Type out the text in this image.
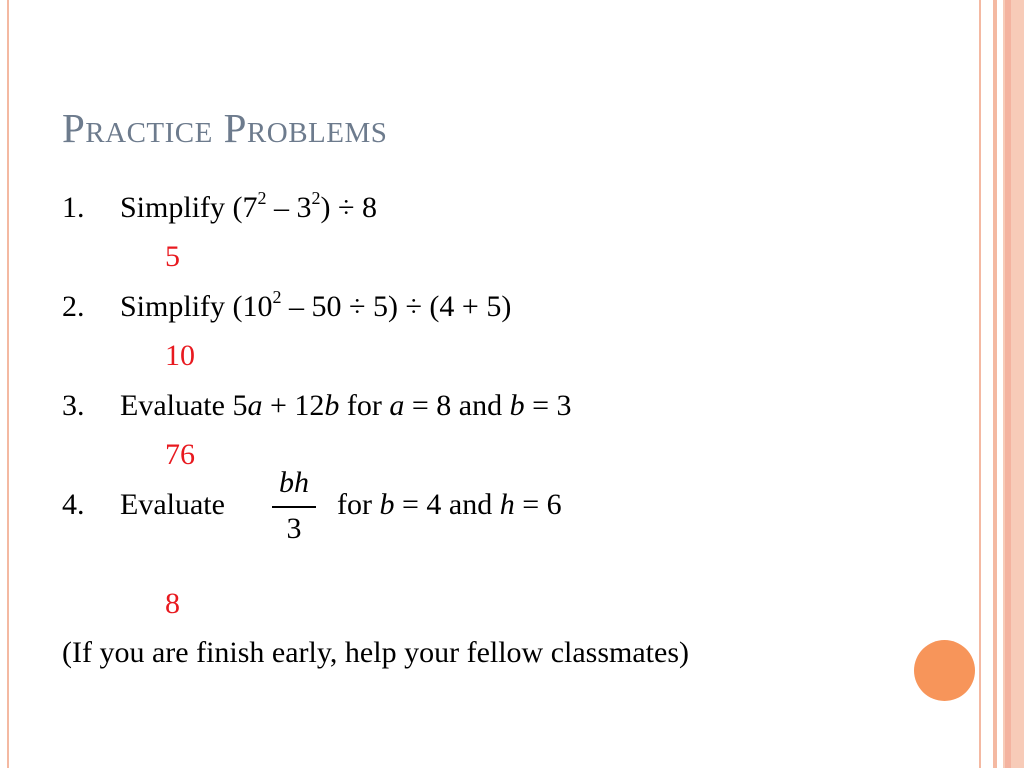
Practice Problems
1. Simplify $(7^2 - 3^2) \div 8$
5
2. Simplify $(10^2 - 50 \div 5) \div (4 + 5)$
10
3. Evaluate 5a + 12b for a = 8 and b = 3
76
4. Evaluate	for b = 4 and h = 6
bh
3
8
(If you are finish early, help your fellow classmates)
